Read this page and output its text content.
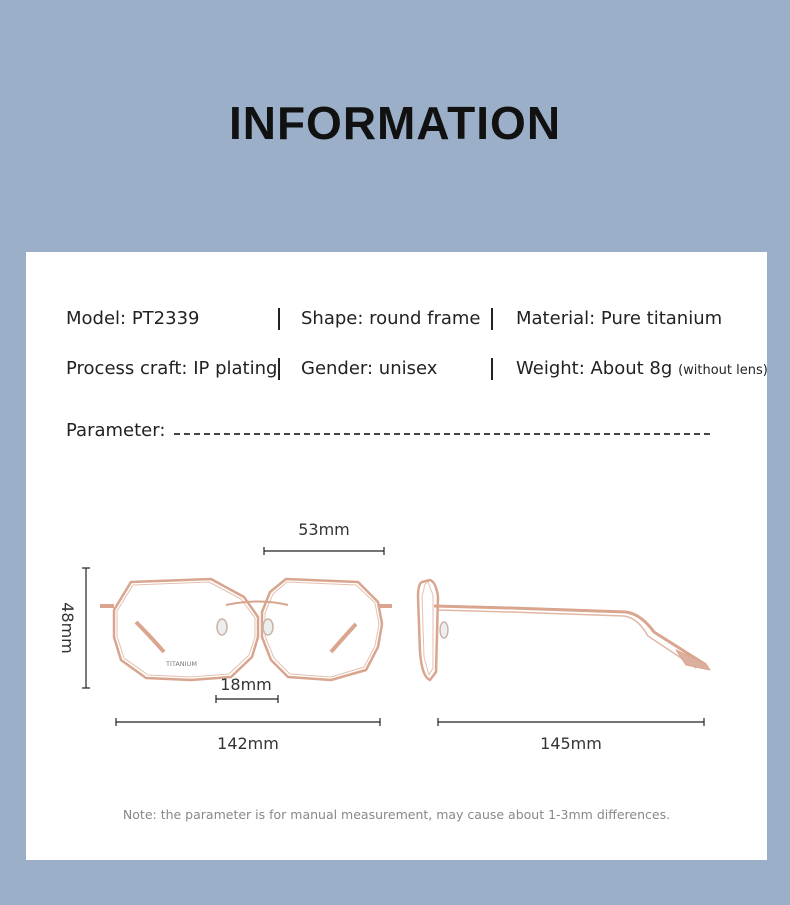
INFORMATION
Model: PT2339	Shape: round frame Material: Pure titanium
Process craft: IP plating Gender: unisex	Weight: About 8g (without lens)
Parameter:
TITANIUM
53mm
48mm
18mm
142mm	145mm
Note: the parameter is for manual measurement, may cause about 1-3mm differences.
